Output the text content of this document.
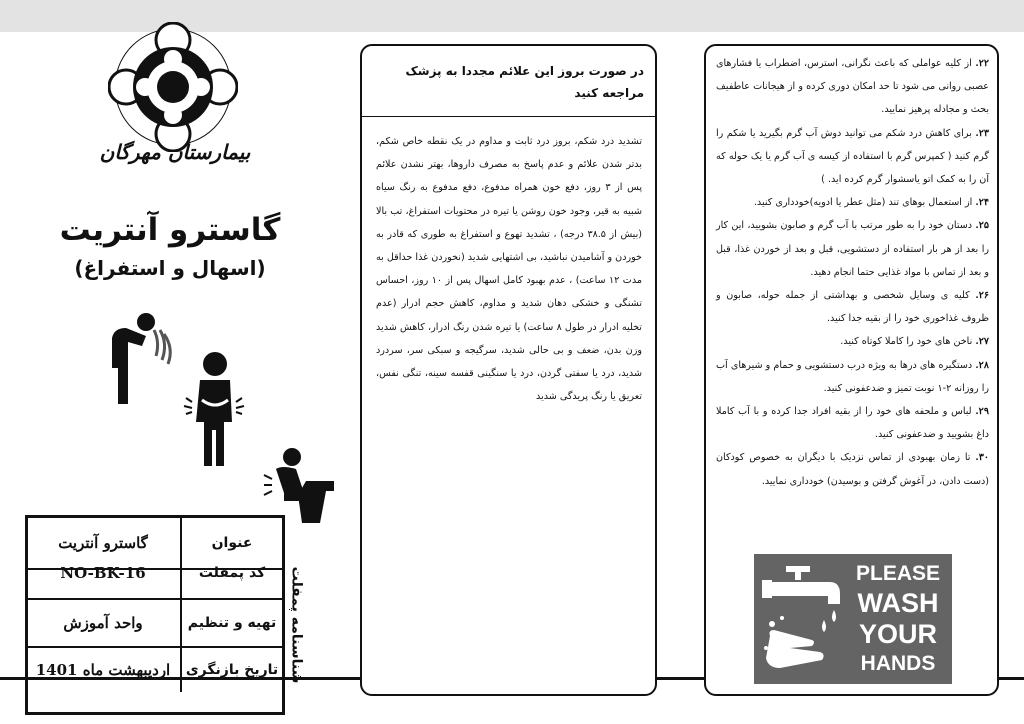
بیمارستان مهرگان
گاسترو آنتریت
(اسهال و استفراغ)
گاسترو آنتریت	عنوان
NO-BK-16	کد پمفلت
واحد آموزش	تهیه و تنظیم
اردیبهشت ماه 1401	تاریخ بازنگری شناسنامه پمفلت
در صورت بروز این علائم مجددا به پزشک مراجعه کنید
تشدید درد شکم، بروز درد ثابت و مداوم در یک نقطه خاص شکم، بدتر شدن علائم و عدم پاسخ به مصرف داروها، بهتر نشدن علائم پس از ۳ روز، دفع خون همراه مدفوع، دفع مدفوع به رنگ سیاه شبیه به قیر، وجود خون روشن یا تیره در محتویات استفراغ، تب بالا (بیش از ۳۸.۵ درجه) ، تشدید تهوع و استفراغ به طوری که قادر به خوردن و آشامیدن نباشید، بی اشتهایی شدید (نخوردن غذا حداقل به مدت ۱۲ ساعت) ، عدم بهبود کامل اسهال پس از ۱۰ روز، احساس تشنگی و خشکی دهان شدید و مداوم، کاهش حجم ادرار (عدم تخلیه ادرار در طول ۸ ساعت) یا تیره شدن رنگ ادرار، کاهش شدید وزن بدن، ضعف و بی حالی شدید، سرگیجه و سبکی سر، سردرد شدید، درد یا سفتی گردن، درد یا سنگینی قفسه سینه، تنگی نفس، تعریق یا رنگ پریدگی شدید

۲۲. از کلیه عواملی که باعث نگرانی، استرس، اضطراب یا فشارهای عصبی روانی می شود تا حد امکان دوری کرده و از هیجانات عاطفیف بحث و مجادله پرهیز نمایید.

۲۳. برای کاهش درد شکم می توانید دوش آب گرم بگیرید یا شکم را گرم کنید ( کمپرس گرم با استفاده از کیسه ی آب گرم یا یک حوله که آن را به کمک اتو یاسشوار گرم کرده اید. )

۲۴. از استعمال بوهای تند (مثل عطر یا ادویه)خودداری کنید.

۲۵. دستان خود را به طور مرتب با آب گرم و صابون بشویید، این کار را بعد از هر بار استفاده از دستشویی، قبل و بعد از خوردن غذا، قبل و بعد از تماس با مواد غذایی حتما انجام دهید.

۲۶. کلیه ی وسایل شخصی و بهداشتی از جمله حوله، صابون و ظروف غذاخوری خود را از بقیه جدا کنید.

۲۷. ناخن های خود را کاملا کوتاه کنید.

۲۸. دستگیره های درها به ویژه درب دستشویی و حمام و شیرهای آب را روزانه ۲-۱ نوبت تمیز و ضدعفونی کنید.

۲۹. لباس و ملحفه های خود را از بقیه افراد جدا کرده و با آب کاملا داغ بشویید و ضدعفونی کنید.

۳۰. تا زمان بهبودی از تماس نزدیک با دیگران به خصوص کودکان (دست دادن، در آغوش گرفتن و بوسیدن) خودداری نمایید.

PLEASE
WASH
YOUR
HANDS
